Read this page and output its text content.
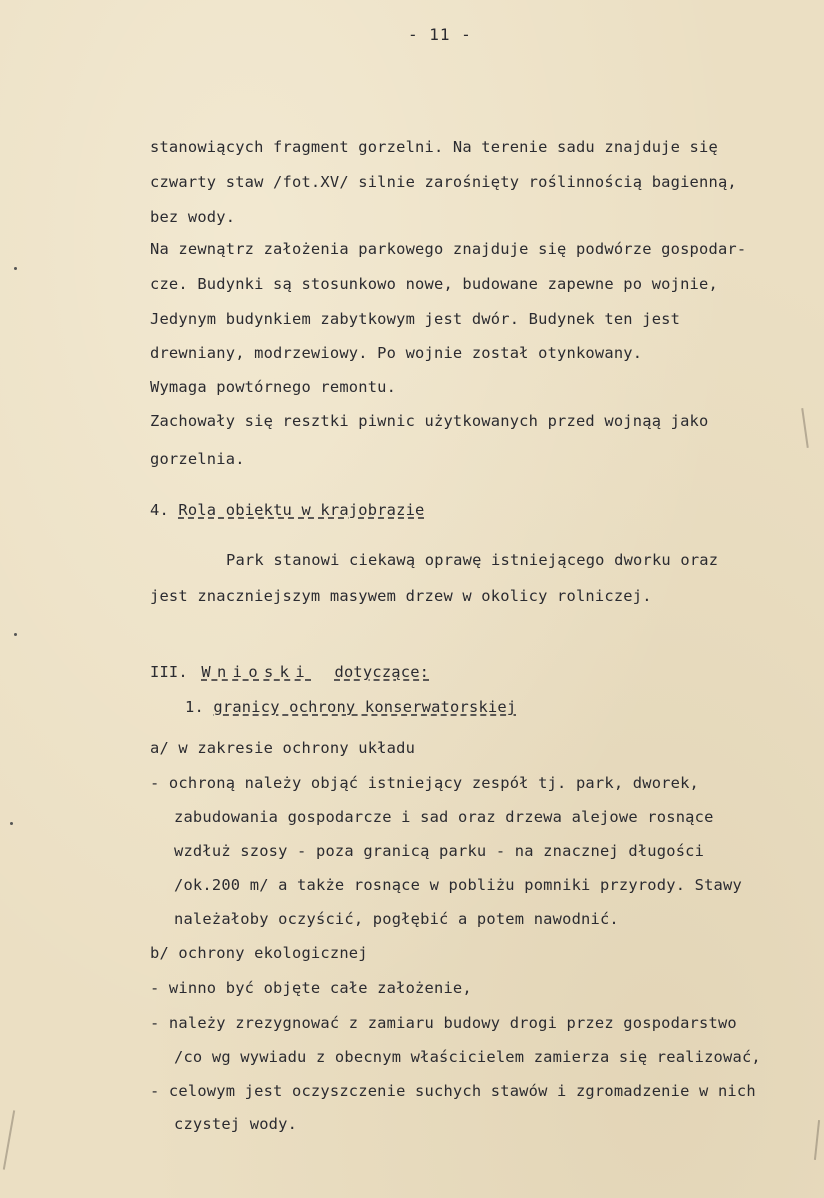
- 11 -
stanowiących fragment gorzelni. Na terenie sadu znajduje się
czwarty staw /fot.XV/ silnie zarośnięty roślinnością bagienną,
bez wody.
Na zewnątrz założenia parkowego znajduje się podwórze gospodar-
cze. Budynki są stosunkowo nowe, budowane zapewne po wojnie,
Jedynym budynkiem zabytkowym jest dwór. Budynek ten jest
drewniany, modrzewiowy. Po wojnie został otynkowany.
Wymaga powtórnego remontu.
Zachowały się resztki piwnic użytkowanych przed wojnąą jako
gorzelnia.
4. Rola obiektu w krajobrazie
Park stanowi ciekawą oprawę istniejącego dworku oraz
jest znaczniejszym masywem drzew w okolicy rolniczej.
III. Wnioski dotyczące:
1. granicy ochrony konserwatorskiej
a/ w zakresie ochrony układu
- ochroną należy objąć istniejący zespół tj. park, dworek,
zabudowania gospodarcze i sad oraz drzewa alejowe rosnące
wzdłuż szosy - poza granicą parku - na znacznej długości
/ok.200 m/ a także rosnące w pobliżu pomniki przyrody. Stawy
należałoby oczyścić, pogłębić a potem nawodnić.
b/ ochrony ekologicznej
- winno być objęte całe założenie,
- należy zrezygnować z zamiaru budowy drogi przez gospodarstwo
/co wg wywiadu z obecnym właścicielem zamierza się realizować,
- celowym jest oczyszczenie suchych stawów i zgromadzenie w nich
czystej wody.
